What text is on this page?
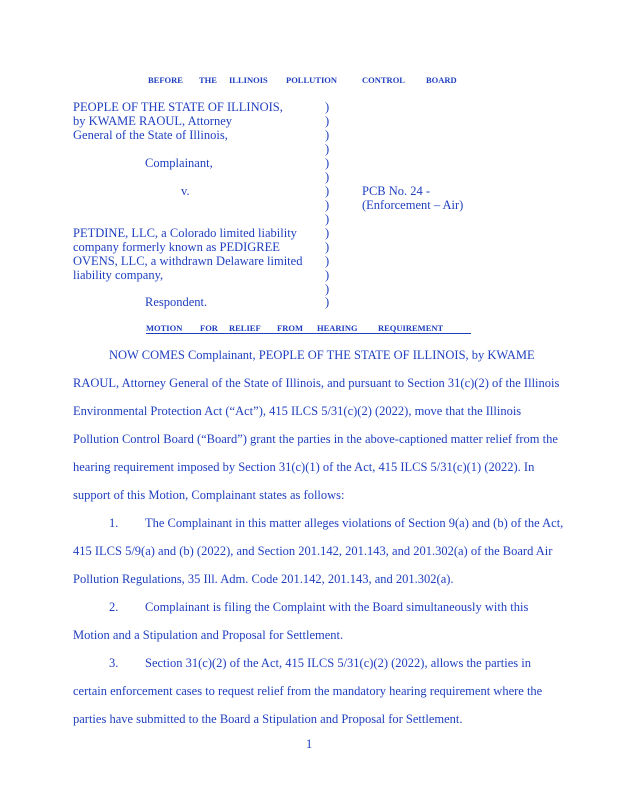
BEFORE THE ILLINOIS POLLUTION	CONTROL BOARD
PEOPLE OF THE STATE OF ILLINOIS,
by KWAME RAOUL, Attorney
General of the State of Illinois,
Complainant,
v.
PETDINE, LLC, a Colorado limited liability
company formerly known as PEDIGREE
OVENS, LLC, a withdrawn Delaware limited
liability company,
Respondent.
)
)
)
)
)
)
)
)
)
)
)
)
)
)
)
PCB No. 24 -
(Enforcement – Air)
MOTION FOR RELIEF FROM HEARING REQUIREMENT
NOW COMES Complainant, PEOPLE OF THE STATE OF ILLINOIS, by KWAME
RAOUL, Attorney General of the State of Illinois, and pursuant to Section 31(c)(2) of the Illinois
Environmental Protection Act (“Act”), 415 ILCS 5/31(c)(2) (2022), move that the Illinois
Pollution Control Board (“Board”) grant the parties in the above-captioned matter relief from the
hearing requirement imposed by Section 31(c)(1) of the Act, 415 ILCS 5/31(c)(1) (2022). In
support of this Motion, Complainant states as follows:
1. The Complainant in this matter alleges violations of Section 9(a) and (b) of the Act,
415 ILCS 5/9(a) and (b) (2022), and Section 201.142, 201.143, and 201.302(a) of the Board Air
Pollution Regulations, 35 Ill. Adm. Code 201.142, 201.143, and 201.302(a).
2. Complainant is filing the Complaint with the Board simultaneously with this
Motion and a Stipulation and Proposal for Settlement.
3. Section 31(c)(2) of the Act, 415 ILCS 5/31(c)(2) (2022), allows the parties in
certain enforcement cases to request relief from the mandatory hearing requirement where the
parties have submitted to the Board a Stipulation and Proposal for Settlement.
1
